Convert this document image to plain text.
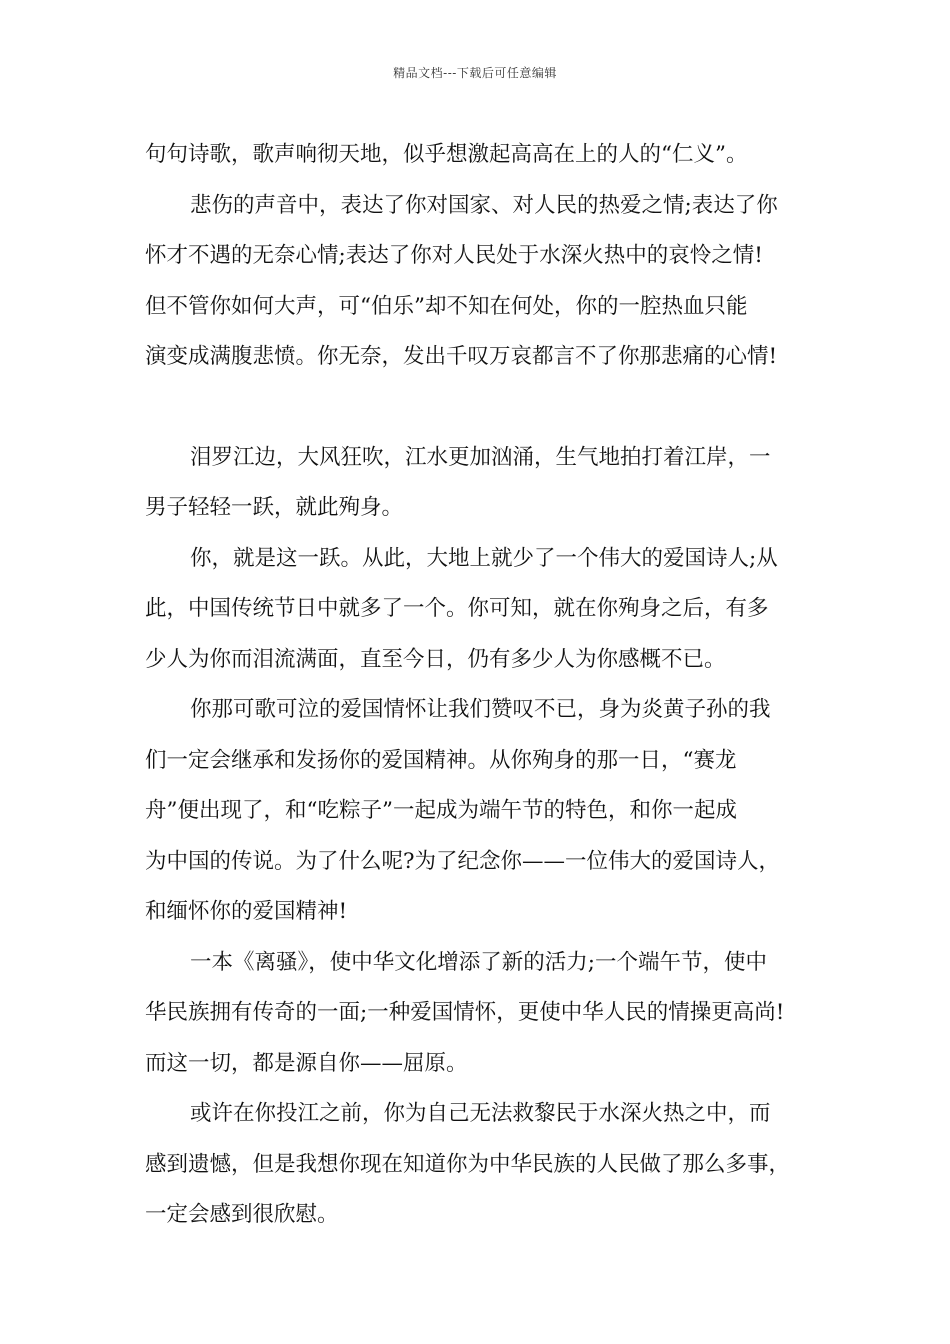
精品文档---下载后可任意编辑

句句诗歌，歌声响彻天地，似乎想激起高高在上的人的“仁义”。

悲伤的声音中，表达了你对国家、对人民的热爱之情;表达了你
怀才不遇的无奈心情;表达了你对人民处于水深火热中的哀怜之情!
但不管你如何大声，可“伯乐”却不知在何处，你的一腔热血只能
演变成满腹悲愤。你无奈，发出千叹万哀都言不了你那悲痛的心情!

泪罗江边，大风狂吹，江水更加汹涌，生气地拍打着江岸，一
男子轻轻一跃，就此殉身。

你，就是这一跃。从此，大地上就少了一个伟大的爱国诗人;从
此，中国传统节日中就多了一个。你可知，就在你殉身之后，有多
少人为你而泪流满面，直至今日，仍有多少人为你感概不已。

你那可歌可泣的爱国情怀让我们赞叹不已，身为炎黄子孙的我
们一定会继承和发扬你的爱国精神。从你殉身的那一日，“赛龙
舟”便出现了，和“吃粽子”一起成为端午节的特色，和你一起成
为中国的传说。为了什么呢?为了纪念你——一位伟大的爱国诗人，
和缅怀你的爱国精神!

一本《离骚》，使中华文化增添了新的活力;一个端午节，使中
华民族拥有传奇的一面;一种爱国情怀，更使中华人民的情操更高尚!
而这一切，都是源自你——屈原。

或许在你投江之前，你为自己无法救黎民于水深火热之中，而
感到遗憾，但是我想你现在知道你为中华民族的人民做了那么多事，
一定会感到很欣慰。
